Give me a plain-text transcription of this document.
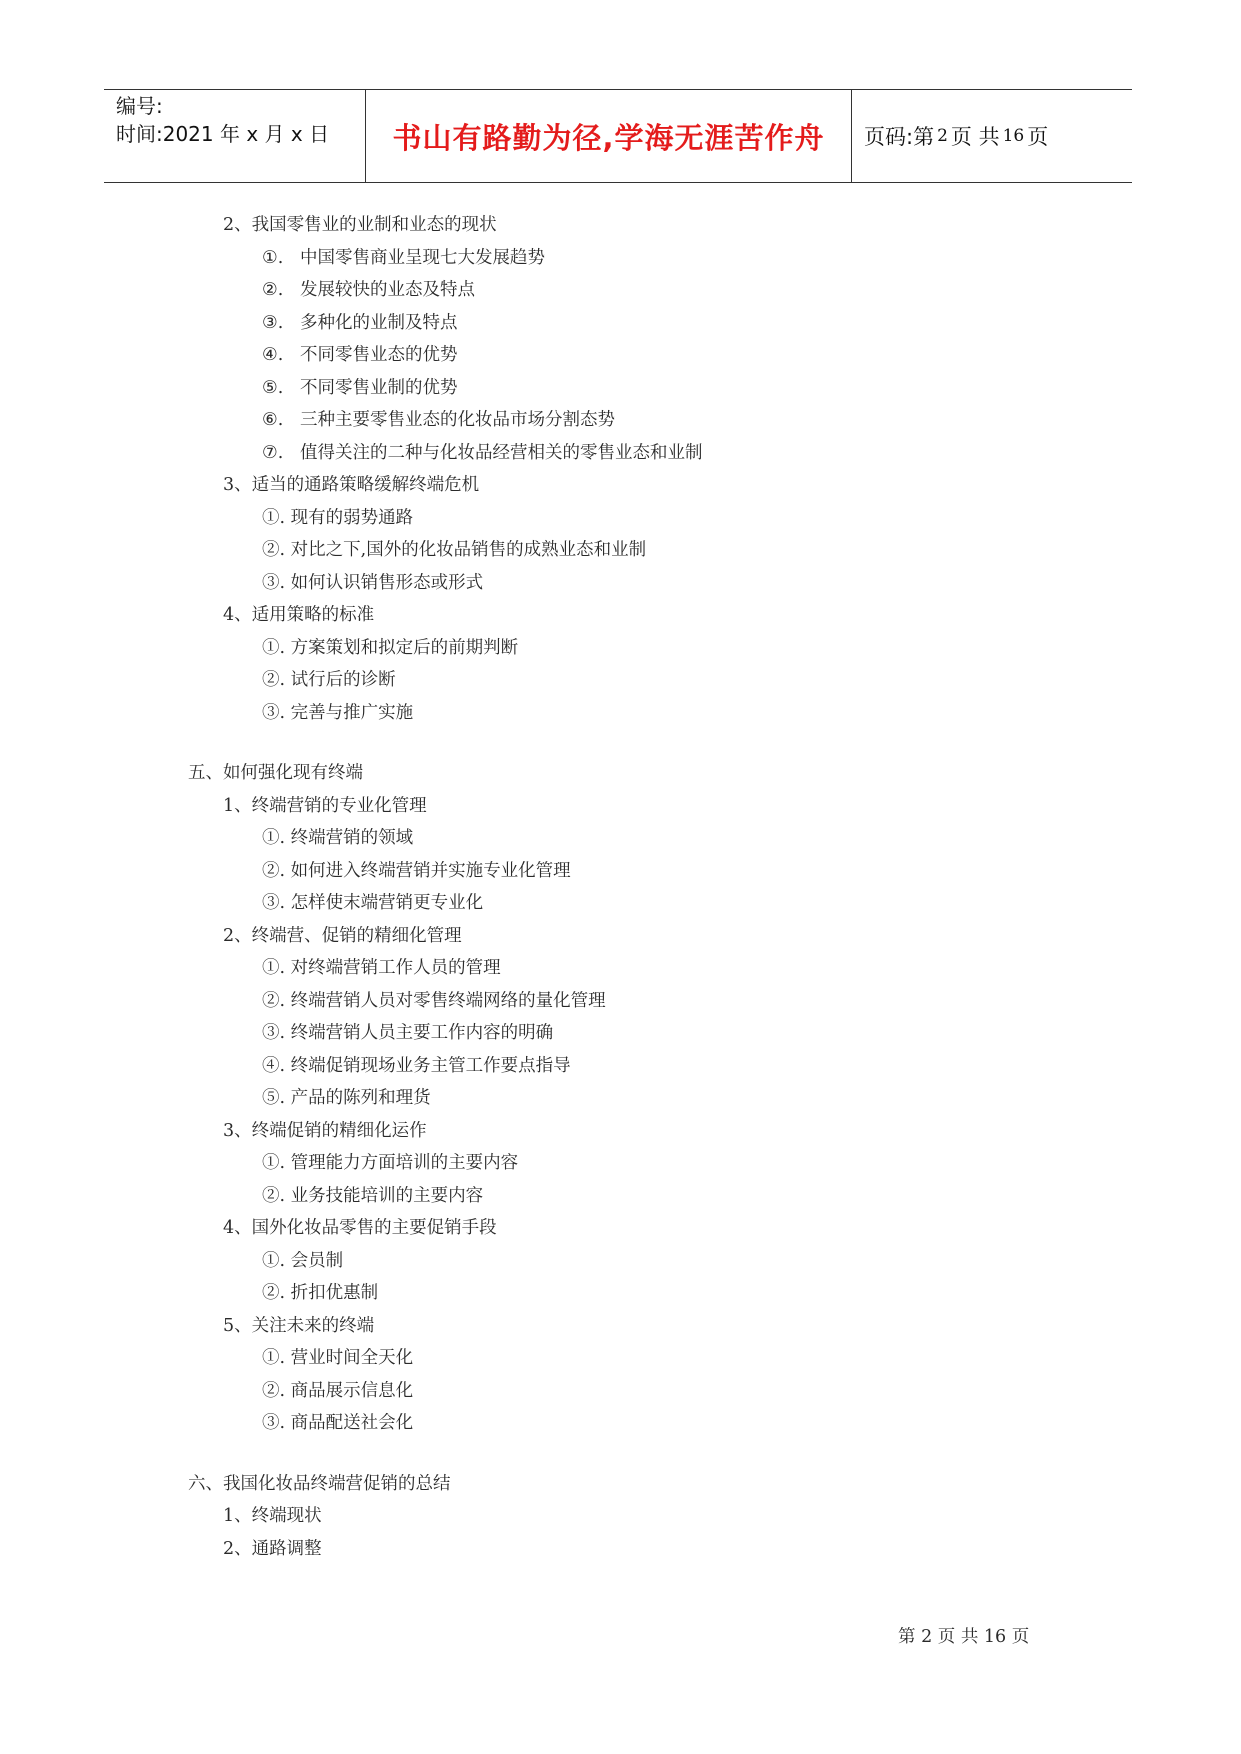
编号:
时间:2021 年 x 月 x 日	书山有路勤为径,学海无涯苦作舟	页码:第 2 页 共 16 页
2、我国零售业的业制和业态的现状
①. 中国零售商业呈现七大发展趋势
②. 发展较快的业态及特点
③. 多种化的业制及特点
④. 不同零售业态的优势
⑤. 不同零售业制的优势
⑥. 三种主要零售业态的化妆品市场分割态势
⑦. 值得关注的二种与化妆品经营相关的零售业态和业制
3、适当的通路策略缓解终端危机
①. 现有的弱势通路
②. 对比之下,国外的化妆品销售的成熟业态和业制
③. 如何认识销售形态或形式
4、适用策略的标准
①. 方案策划和拟定后的前期判断
②. 试行后的诊断
③. 完善与推广实施
五、如何强化现有终端
1、终端营销的专业化管理
①. 终端营销的领域
②. 如何进入终端营销并实施专业化管理
③. 怎样使末端营销更专业化
2、终端营、促销的精细化管理
①. 对终端营销工作人员的管理
②. 终端营销人员对零售终端网络的量化管理
③. 终端营销人员主要工作内容的明确
④. 终端促销现场业务主管工作要点指导
⑤. 产品的陈列和理货
3、终端促销的精细化运作
①. 管理能力方面培训的主要内容
②. 业务技能培训的主要内容
4、国外化妆品零售的主要促销手段
①. 会员制
②. 折扣优惠制
5、关注未来的终端
①. 营业时间全天化
②. 商品展示信息化
③. 商品配送社会化
六、我国化妆品终端营促销的总结
1、终端现状
2、通路调整
第 2 页 共 16 页
